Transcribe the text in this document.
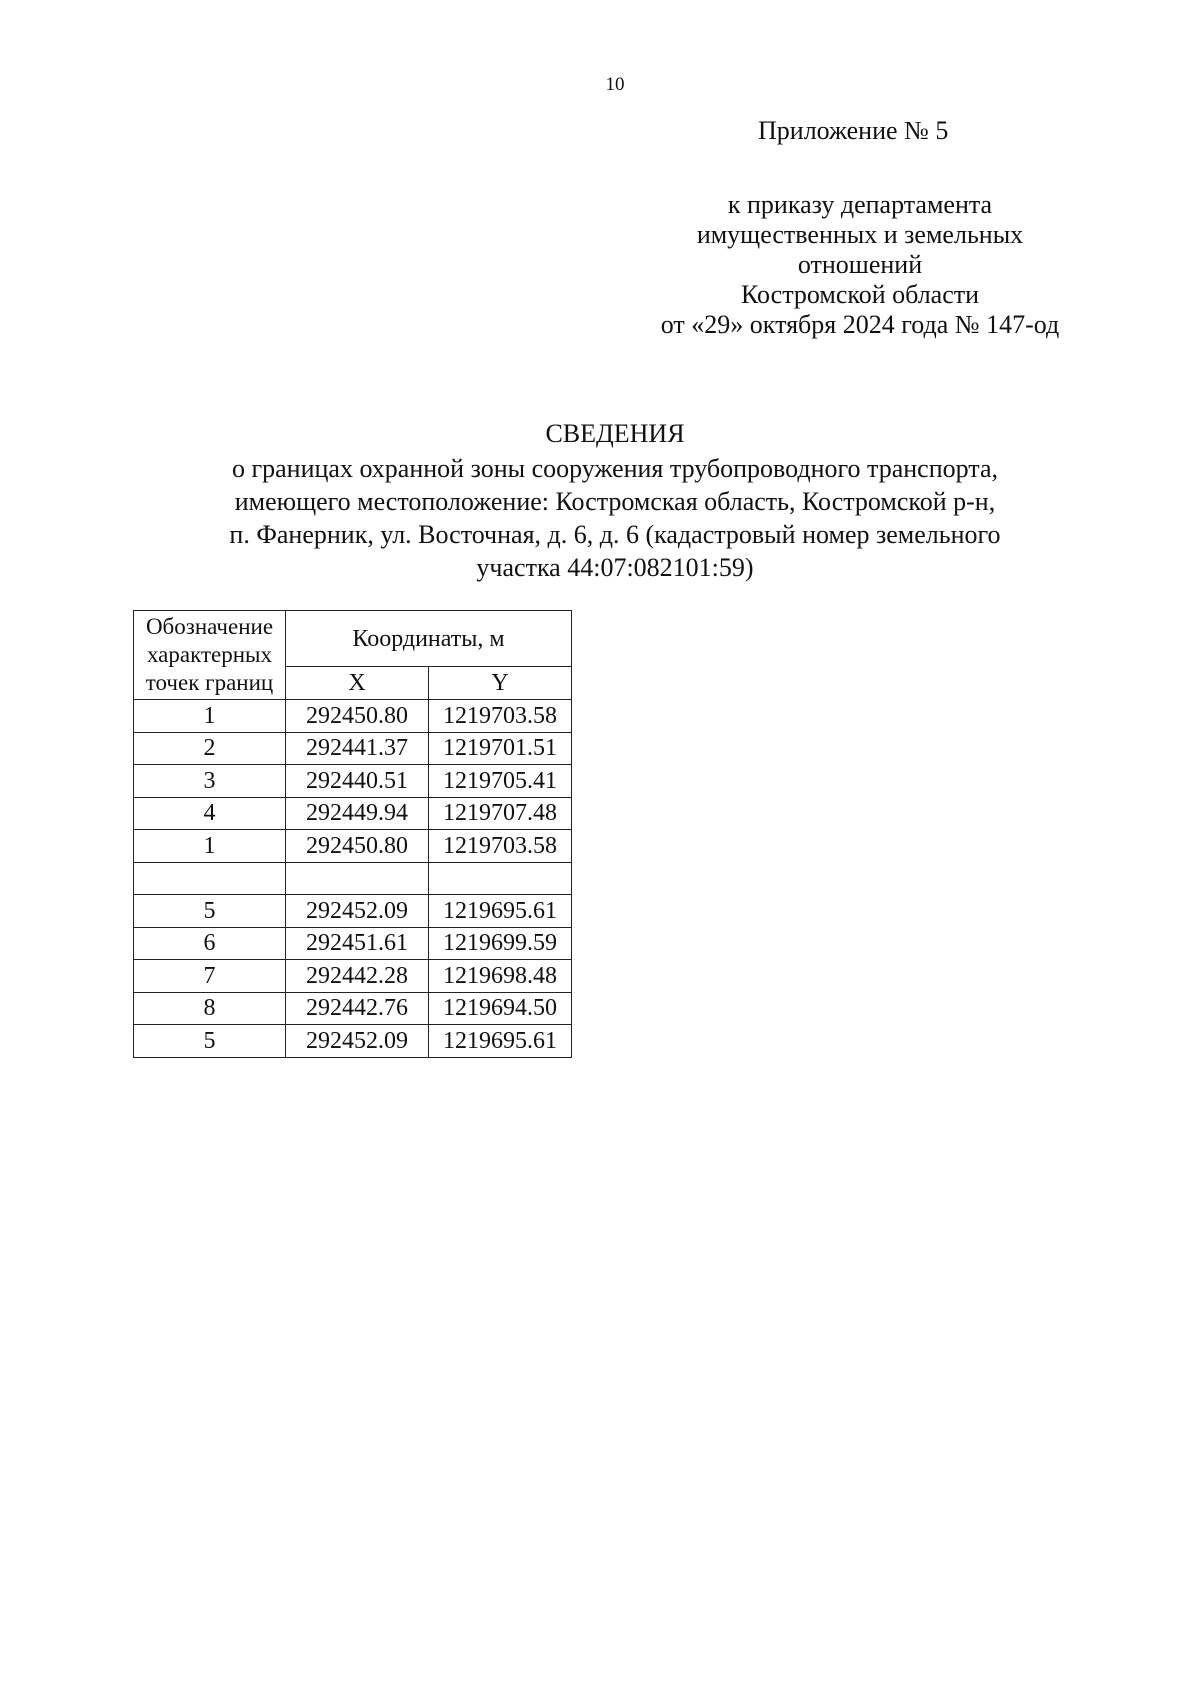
10
Приложение № 5
к приказу департамента
имущественных и земельных
отношений
Костромской области
от «29» октября 2024 года № 147-од
СВЕДЕНИЯ
о границах охранной зоны сооружения трубопроводного транспорта,
имеющего местоположение: Костромская область, Костромской р-н,
п. Фанерник, ул. Восточная, д. 6, д. 6 (кадастровый номер земельного
участка 44:07:082101:59)
Обозначение
характерных
точек границ	Координаты, м	
	X	Y
1	292450.80	1219703.58
2	292441.37	1219701.51
3	292440.51	1219705.41
4	292449.94	1219707.48
1	292450.80	1219703.58

5	292452.09	1219695.61
6	292451.61	1219699.59
7	292442.28	1219698.48
8	292442.76	1219694.50
5	292452.09	1219695.61
